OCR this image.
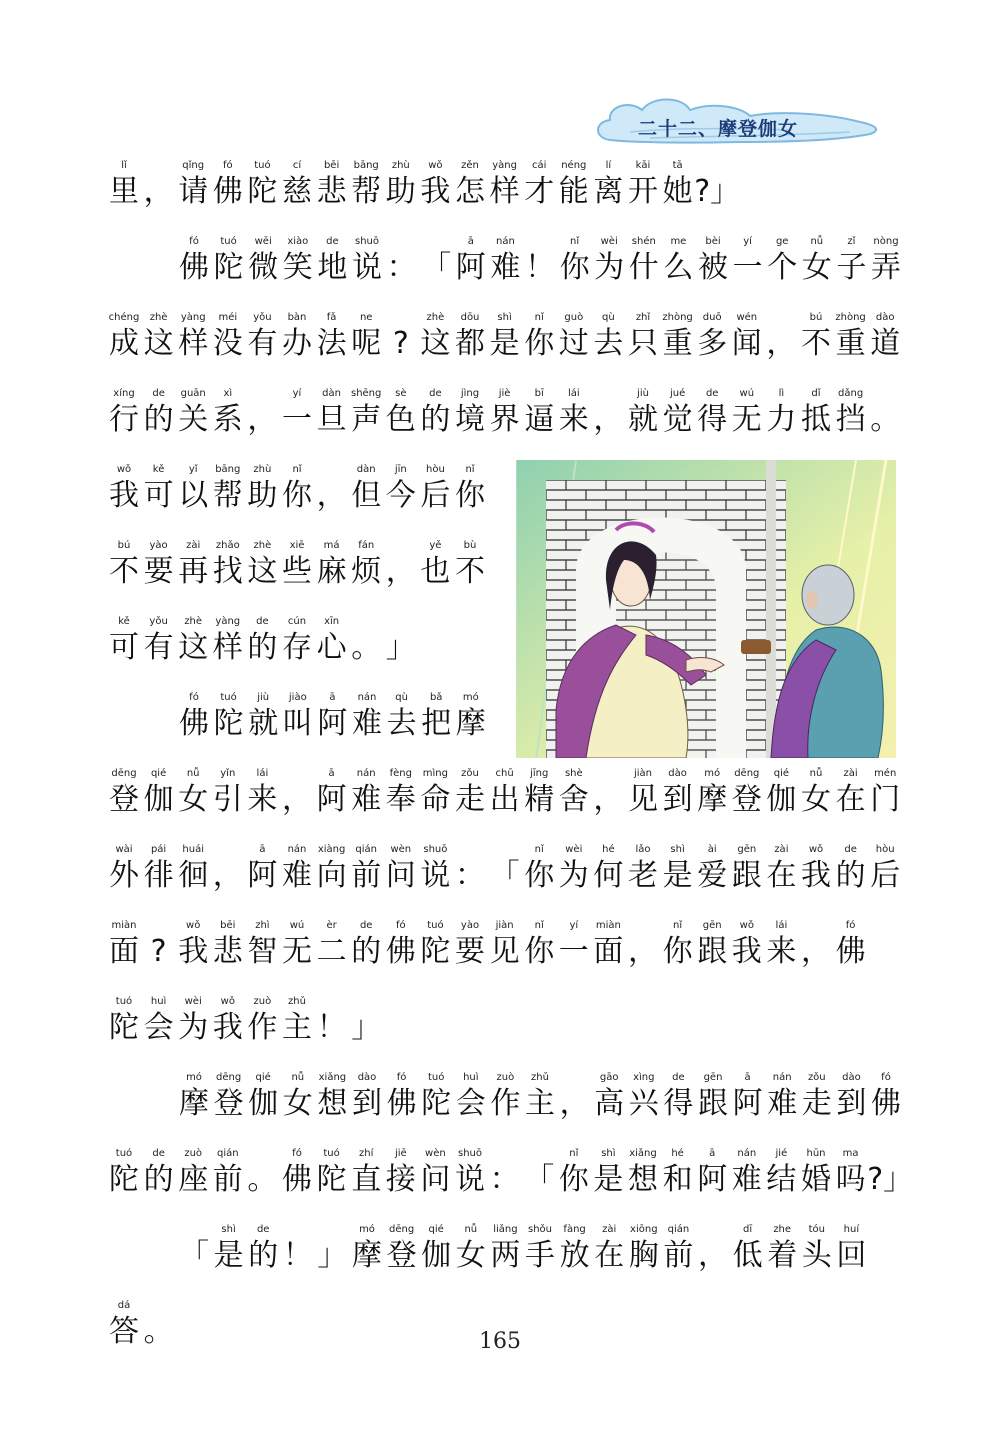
二十二、摩登伽女
lǐ
里 ，
qǐng
请
fó
佛
tuó
陀
cí
慈
bēi
悲
bāng
帮
zhù
助
wǒ
我
zěn
怎
yàng
样
cái
才
néng
能
lí
离
kāi
开
tā
她 ?」
fó
佛
tuó
陀
wēi
微
xiào
笑
de
地
shuō
说 ： 「
ā
阿
nán
难 ！
nǐ
你
wèi
为
shén
什
me
么
bèi
被
yí
一
ge
个
nǚ
女
zǐ
子
nòng
弄
chéng
成
zhè
这
yàng
样
méi
没
yǒu
有
bàn
办
fǎ
法
ne
呢 ?
zhè
这
dōu
都
shì
是
nǐ
你
guò
过
qù
去
zhǐ
只
zhòng
重
duō
多
wén
闻 ，
bú
不
zhòng
重
dào
道
xíng
行
de
的
guān
关
xì
系 ，
yí
一
dàn
旦
shēng
声
sè
色
de
的
jìng
境
jiè
界
bī
逼
lái
来 ，
jiù
就
jué
觉
de
得
wú
无
lì
力
dǐ
抵
dǎng
挡 。
wǒ
我
kě
可
yǐ
以
bāng
帮
zhù
助
nǐ
你 ，
dàn
但
jīn
今
hòu
后
nǐ
你
bú
不
yào
要
zài
再
zhǎo
找
zhè
这
xiē
些
má
麻
fán
烦 ，
yě
也
bù
不
kě
可
yǒu
有
zhè
这
yàng
样
de
的
cún
存
xīn
心 。 」
fó
佛
tuó
陀
jiù
就
jiào
叫
ā
阿
nán
难
qù
去
bǎ
把
mó
摩
dēng
登
qié
伽
nǚ
女
yǐn
引
lái
来 ，
ā
阿
nán
难
fèng
奉
mìng
命
zǒu
走
chū
出
jīng
精
shè
舍 ，
jiàn
见
dào
到
mó
摩
dēng
登
qié
伽
nǚ
女
zài
在
mén
门
wài
外
pái
徘
huái
徊 ，
ā
阿
nán
难
xiàng
向
qián
前
wèn
问
shuō
说 ： 「
nǐ
你
wèi
为
hé
何
lǎo
老
shì
是
ài
爱
gēn
跟
zài
在
wǒ
我
de
的
hòu
后
miàn
面 ?
wǒ
我
bēi
悲
zhì
智
wú
无
èr
二
de
的
fó
佛
tuó
陀
yào
要
jiàn
见
nǐ
你
yí
一
miàn
面 ，
nǐ
你
gēn
跟
wǒ
我
lái
来 ，
fó
佛
tuó
陀
huì
会
wèi
为
wǒ
我
zuò
作
zhǔ
主 ！ 」
mó
摩
dēng
登
qié
伽
nǚ
女
xiǎng
想
dào
到
fó
佛
tuó
陀
huì
会
zuò
作
zhǔ
主 ，
gāo
高
xìng
兴
de
得
gēn
跟
ā
阿
nán
难
zǒu
走
dào
到
fó
佛
tuó
陀
de
的
zuò
座
qián
前 。
fó
佛
tuó
陀
zhí
直
jiē
接
wèn
问
shuō
说 ： 「
nǐ
你
shì
是
xiǎng
想
hé
和
ā
阿
nán
难
jié
结
hūn
婚
ma
吗 ?」
「
shì
是
de
的 ！ 」
mó
摩
dēng
登
qié
伽
nǚ
女
liǎng
两
shǒu
手
fàng
放
zài
在
xiōng
胸
qián
前 ，
dī
低
zhe
着
tóu
头
huí
回
dá
答 。	165
